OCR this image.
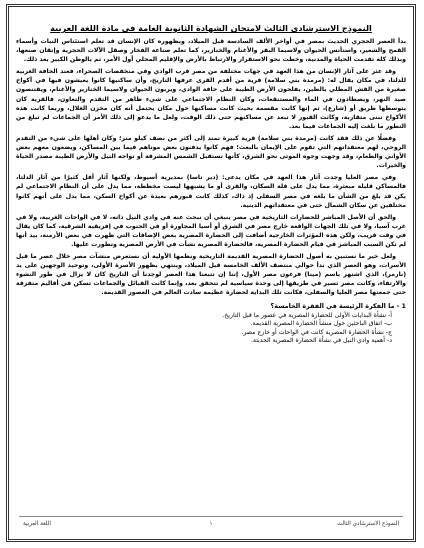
النموذج الاسترشادى الثالث لامتحان الشهادة الثانوية العامة فى مادة اللغة العربية

بدأ العصر الحجري الحديث بمصر في أواخر الألف السادسة قبل الميلاد، وبظهوره كان الإنسان قد تعلم استئناس النبات وأسماء القمح والشعير، واستأنس الحيوان ولاسيما البقر والأغنام والخنازير، كما تعلم صناعة الفخار وصقل الآلات الحجرية وإتقان صنعها، وبذلك كله تقدمت الحياة والمدنية، وخطت نحو الاستقرار والارتباط بالأرض والإقليم المحلي أول الأمر، ثم بالوطن الكبير بعد ذلك.

وقد عثر على آثار الإنسان من هذا العهد في جهات مختلفة من مصر قرب الوادي وفي منخفضات الصحراء، فعند الحافة الغربية للدلتا، في مكان يقال له: (مرمدة بني سلامة) قرية من أقدم القرى عرفها التاريخ، وأن ساكنيها كانوا يعيشون فيها في أكواخ صغيرة من القش المطلي بالطين، يفلحون الأرض الطيبة على حافة الوادي، ويربون الحيوان ولاسيما الخنازير والأغنام، ويقتنصون صيد النهر، ويصطادون في الماء والمستنقعات، وكان النظام الاجتماعي على شيء ظاهر من التقدم والتعاون، فالقرية كان يتوسطها طريق أو (شارع)، ثم إنها كانت مقسمة بحيث كانت مساكنها حول مكان يحتمل أنه كان مخزن الغلال، وربما كانت هذه الأكواخ تبنى متقاربة، وكانت القبور لا تبعد عن مساكنهم حتى ذلك الوقت، ولعل ما يدعو إلى ذلك الأمر أن الجماعات لم تبلغ من التطور ما بلغت إليه الجماعات فيما بعد.

وفضلًا عن ذلك فقد كانت (مرمدة بني سلامة) قرية كبيرة تمتد إلى أكثر من نصف كيلو متر؛ وكان أهلها على شيء من التقدم الروحي، لهم معتقداتهم التي تقوم على الإيمان بالبعث؛ فهم كانوا يدفنون بعض موتاهم فيما بين المساكن، ويضعون معهم بعض الأواني والطعام، وقد وجهت وجوه الموتى نحو الشرق، كأنها تستقبل الشمس المشرقة أو تواجه النيل والأرض الطيبة مصدر الحياة والخيرات.

وفي مصر العليا وجدت آثار هذا العهد في مكان يدعى: (دير تاسا) بمديرية أسيوط، ولكنها آثار أقل كثيرًا من آثار الدلتا، فالمساكن قليلة مبعثرة، مما يدل على قلة السكان، والقرى أو ما يشبهها ليست مخططة، مما يدل على أن النظام الاجتماعي لم يكن قد بلغ من الشأن ما بلغه في مصر السفلى إذ ذاك، كذلك كانت قبورهم بعيدة عن أكواخ السكن، مما يدل على أنهم كانوا مختلفين عن سكان الشمال حتى في معتقداتهم الدينية.

والحق أن الأصل المباشر للحضارات التاريخية في مصر ينبغي أن نبحث عنه في وادي النيل ذاته، لا في الواحات الغربية، ولا في غرب آسيا، ولا في تلك الجهات الواقعة خارج مصر في الشرق أو أسيا المجاورة أو في الجنوب في إفريقية الشرقية، كما كان يقال في وقت قريب، ولكن هذه المؤثرات الخارجية أضافت إلى الحضارة المصرية بعض الإضافات التي ظهرت في بعض الأزمنة، بيد أنها لم تكن السبب المباشر في قيام الحضارة المصرية، فالحضارة المصرية نشأت في الأرض المصرية وتطورت عليها.

ولعل خير ما نستبين به أصول الحضارة المصرية القديمة التاريخية ونظمها الأولية أن نستعرض منشآت مصر خلال عصر ما قبل الأسرات، وهو العصر الذي بدأ حوالي منتصف الألف الخامسة قبل الميلاد، وينتهي بظهور الأسرة الأولى، وتوحيد الوجهين على يد (نارمر)، الذي اشتهر باسم (مينا) فرعون مصر الأول، إننا إن تتبعنا هذا العصر لوجدنا أن التاريخ كان لا يزال في طور النشوء والارتقاء، وكانت مصر تسير في طريقها إلى وحدة سياسية لم تتحقق بعد، وإنما كانت القبائل والجماعات تسكن في أقاليم متفرقة حتى جمعتها مصر العليا والسفلى، فكانت تلك البداية لحضارة عظيمة سادت العالم في العصور القديمة.

1 - ما الفكرة الرئيسة في الفقرة الخامسة؟
أ- نشأة البدايات الأولى للحضارة المصرية في عصور ما قبل التاريخ.
ب- اتفاق الباحثين حول منشأ الحضارة المصرية القديمة.
ج- نشأة الحضارة المصرية كانت في الواحات أو خارج مصر.
د- أهمية وادي النيل في نشأة الحضارة المصرية الحديثة.
النموذج الاسترشادي الثالث
١
اللغة العربية
